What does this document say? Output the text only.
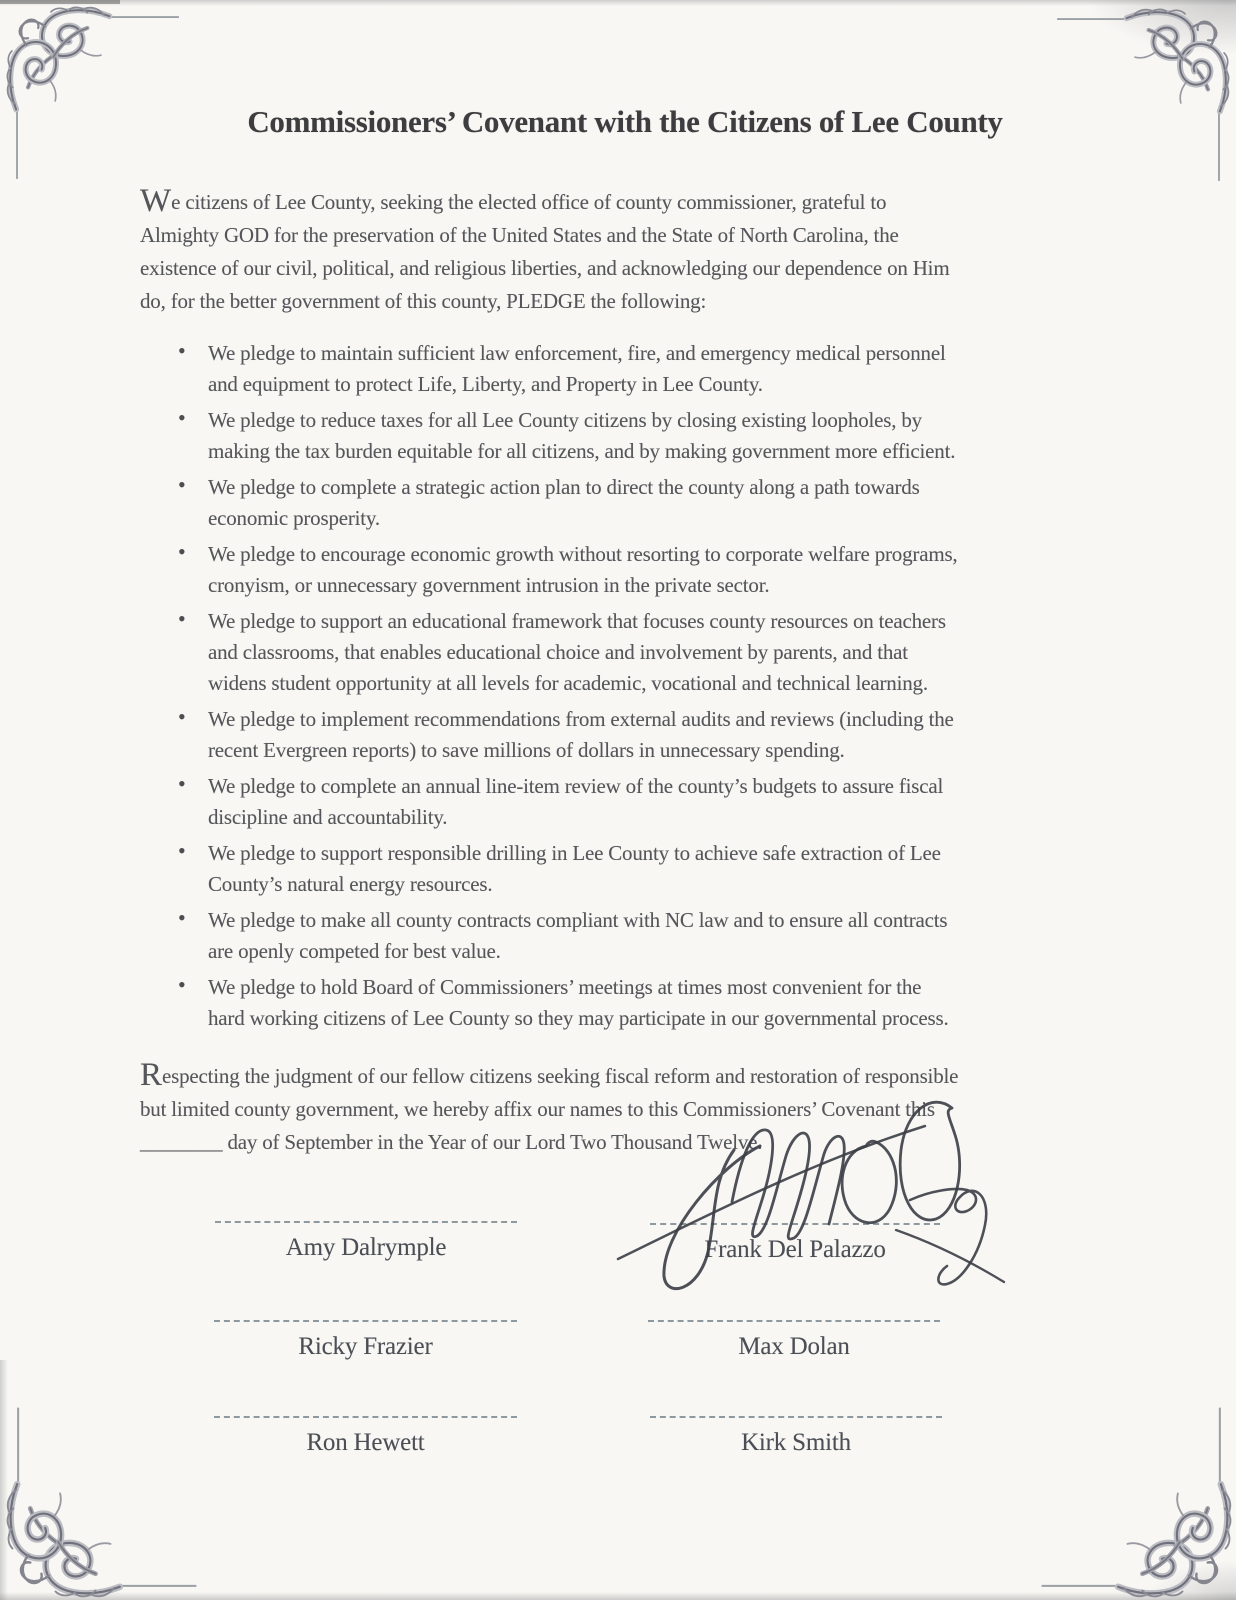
Commissioners’ Covenant with the Citizens of Lee County
We citizens of Lee County, seeking the elected office of county commissioner, grateful to
Almighty GOD for the preservation of the United States and the State of North Carolina, the
existence of our civil, political, and religious liberties, and acknowledging our dependence on Him
do, for the better government of this county, PLEDGE the following:
• We pledge to maintain sufficient law enforcement, fire, and emergency medical personnel
and equipment to protect Life, Liberty, and Property in Lee County.
• We pledge to reduce taxes for all Lee County citizens by closing existing loopholes, by
making the tax burden equitable for all citizens, and by making government more efficient.
• We pledge to complete a strategic action plan to direct the county along a path towards
economic prosperity.
• We pledge to encourage economic growth without resorting to corporate welfare programs,
cronyism, or unnecessary government intrusion in the private sector.
• We pledge to support an educational framework that focuses county resources on teachers
and classrooms, that enables educational choice and involvement by parents, and that
widens student opportunity at all levels for academic, vocational and technical learning.
• We pledge to implement recommendations from external audits and reviews (including the
recent Evergreen reports) to save millions of dollars in unnecessary spending.
• We pledge to complete an annual line-item review of the county’s budgets to assure fiscal
discipline and accountability.
• We pledge to support responsible drilling in Lee County to achieve safe extraction of Lee
County’s natural energy resources.
• We pledge to make all county contracts compliant with NC law and to ensure all contracts
are openly competed for best value.
• We pledge to hold Board of Commissioners’ meetings at times most convenient for the
hard working citizens of Lee County so they may participate in our governmental process.
Respecting the judgment of our fellow citizens seeking fiscal reform and restoration of responsible
but limited county government, we hereby affix our names to this Commissioners’ Covenant this
________ day of September in the Year of our Lord Two Thousand Twelve.
Amy Dalrymple	Frank Del Palazzo
Ricky Frazier	Max Dolan
Ron Hewett	Kirk Smith
